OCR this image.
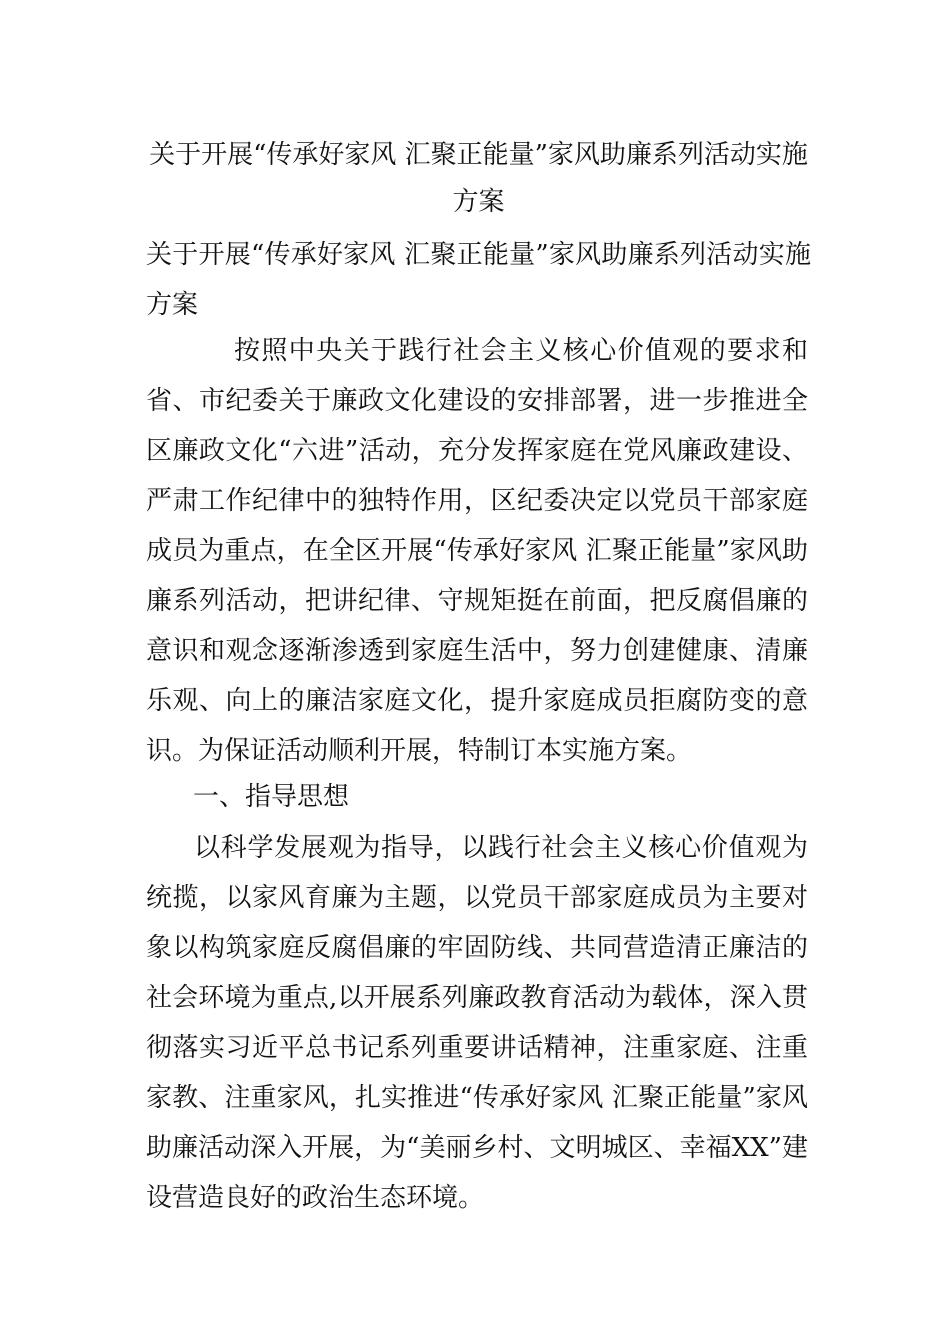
关于开展“传承好家风 汇聚正能量”家风助廉系列活动实施方案
关于开展“传承好家风 汇聚正能量”家风助廉系列活动实施方案

按照中央关于践行社会主义核心价值观的要求和省、市纪委关于廉政文化建设的安排部署，进一步推进全区廉政文化“六进”活动，充分发挥家庭在党风廉政建设、严肃工作纪律中的独特作用，区纪委决定以党员干部家庭成员为重点，在全区开展“传承好家风 汇聚正能量”家风助廉系列活动，把讲纪律、守规矩挺在前面，把反腐倡廉的意识和观念逐渐渗透到家庭生活中，努力创建健康、清廉乐观、向上的廉洁家庭文化，提升家庭成员拒腐防变的意识。为保证活动顺利开展，特制订本实施方案。

一、指导思想

以科学发展观为指导，以践行社会主义核心价值观为统揽，以家风育廉为主题，以党员干部家庭成员为主要对象以构筑家庭反腐倡廉的牢固防线、共同营造清正廉洁的社会环境为重点,以开展系列廉政教育活动为载体，深入贯彻落实习近平总书记系列重要讲话精神，注重家庭、注重家教、注重家风，扎实推进“传承好家风 汇聚正能量”家风助廉活动深入开展，为“美丽乡村、文明城区、幸福XX”建设营造良好的政治生态环境。
